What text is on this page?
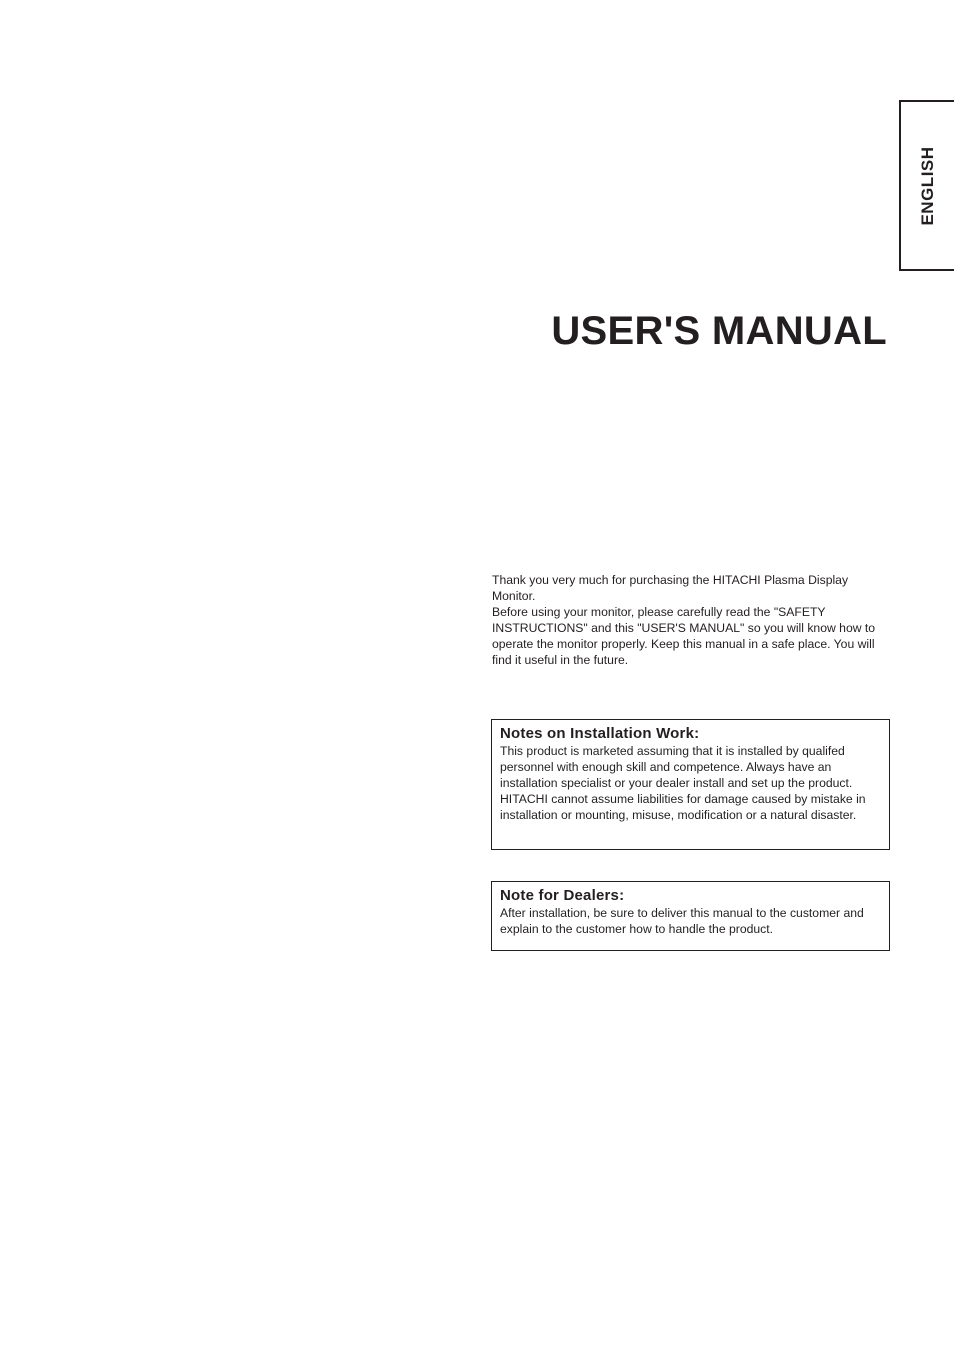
ENGLISH
USER'S MANUAL

Thank you very much for purchasing the HITACHI Plasma Display Monitor.

Before using your monitor, please carefully read the "SAFETY INSTRUCTIONS" and this "USER'S MANUAL" so you will know how to operate the monitor properly. Keep this manual in a safe place. You will find it useful in the future.

Notes on Installation Work:

This product is marketed assuming that it is installed by qualifed personnel with enough skill and competence. Always have an installation specialist or your dealer install and set up the product. HITACHI cannot assume liabilities for damage caused by mistake in installation or mounting, misuse, modification or a natural disaster.

Note for Dealers:

After installation, be sure to deliver this manual to the customer and explain to the customer how to handle the product.
